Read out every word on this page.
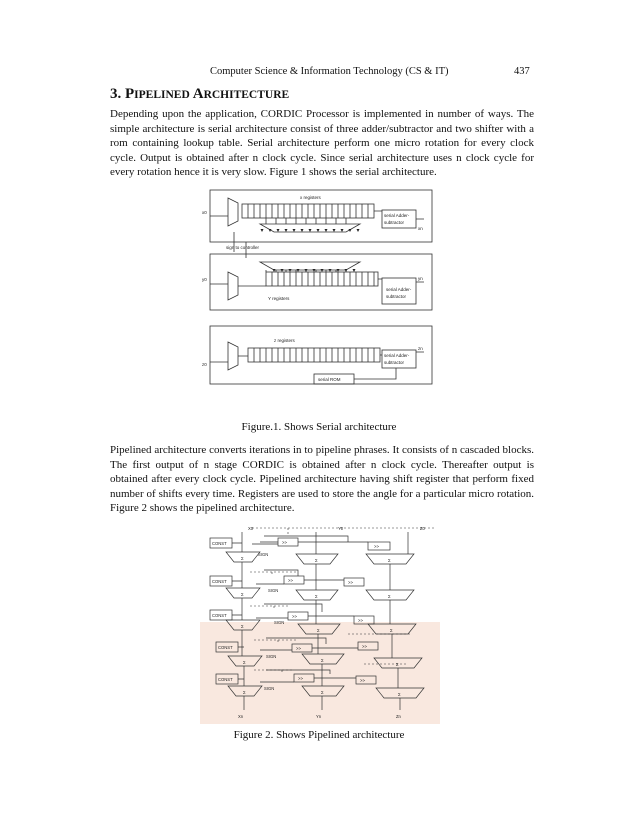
Computer Science & Information Technology (CS & IT)	437
3. PIPELINED ARCHITECTURE

Depending upon the application, CORDIC Processor is implemented in number of ways. The simple architecture is serial architecture consist of three adder/subtractor and two shifter with a rom containing lookup table. Serial architecture perform one micro rotation for every clock cycle. Output is obtained after n clock cycle. Since serial architecture uses n clock cycle for every rotation hence it is very slow. Figure 1 shows the serial architecture.

x registers
serial Adder-
subtractor
x0
xn
sign to controller
y0	yn
serial Adder-
subtractor
Y registers
z registers
serial Adder-
subtractor
z0
zn
serial ROM
Figure.1. Shows Serial architecture

Pipelined architecture converts iterations in to pipeline phrases. It consists of n cascaded blocks. The first output of n stage CORDIC is obtained after n clock cycle. Thereafter output is obtained after every clock cycle. Pipelined architecture having shift register that perform fixed number of shifts every time. Registers are used to store the angle for a particular micro rotation. Figure 2 shows the pipelined architecture.

X0	Y0	Z0
CONST
CONST
CONST
CONST
CONST
SIGN
SIGN
SIGN
SIGN
SIGN
>>
>>
>>	>>
>>
>>
>>	>>
>>	>>
Σ	Σ	Σ
Σ	Σ	Σ
Σ
Σ	Σ
Σ	Σ
Σ
Σ	Σ	Σ
Xn	Yn	Zn
Figure 2. Shows Pipelined architecture
